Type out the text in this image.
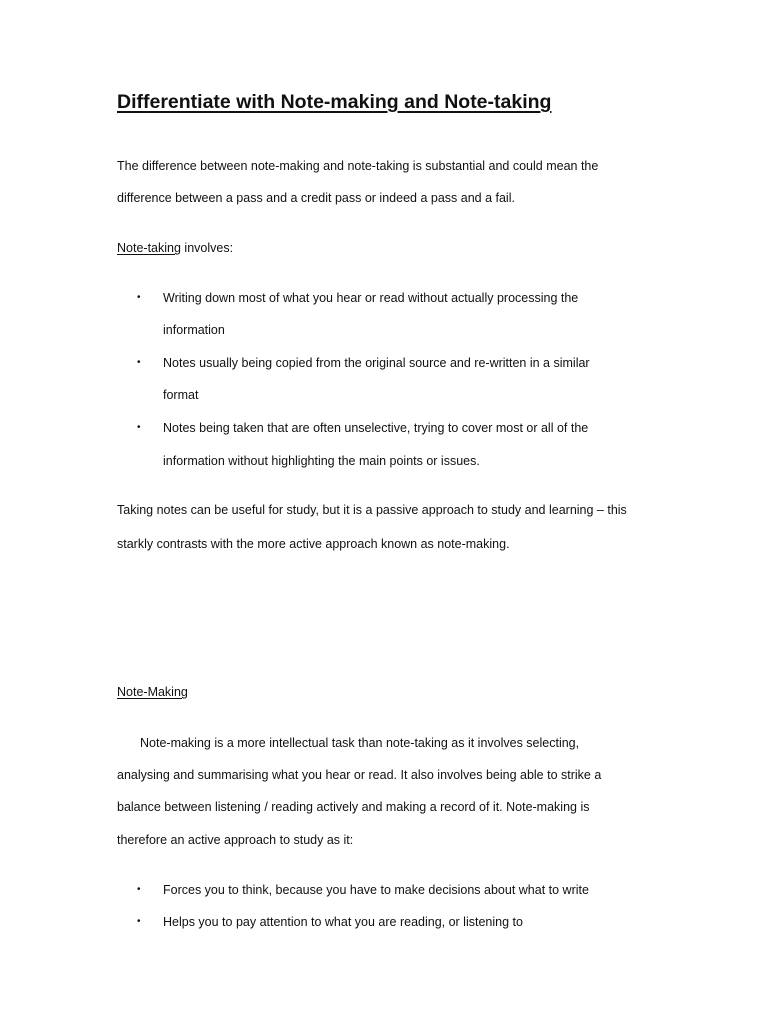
Differentiate with Note-making and Note-taking

The difference between note-making and note-taking is substantial and could mean the

difference between a pass and a credit pass or indeed a pass and a fail.

Note-taking involves:

• Writing down most of what you hear or read without actually processing the

information

• Notes usually being copied from the original source and re-written in a similar

format

• Notes being taken that are often unselective, trying to cover most or all of the

information without highlighting the main points or issues.

Taking notes can be useful for study, but it is a passive approach to study and learning – this

starkly contrasts with the more active approach known as note-making.

Note-Making

Note-making is a more intellectual task than note-taking as it involves selecting,

analysing and summarising what you hear or read. It also involves being able to strike a

balance between listening / reading actively and making a record of it. Note-making is

therefore an active approach to study as it:

• Forces you to think, because you have to make decisions about what to write

• Helps you to pay attention to what you are reading, or listening to
